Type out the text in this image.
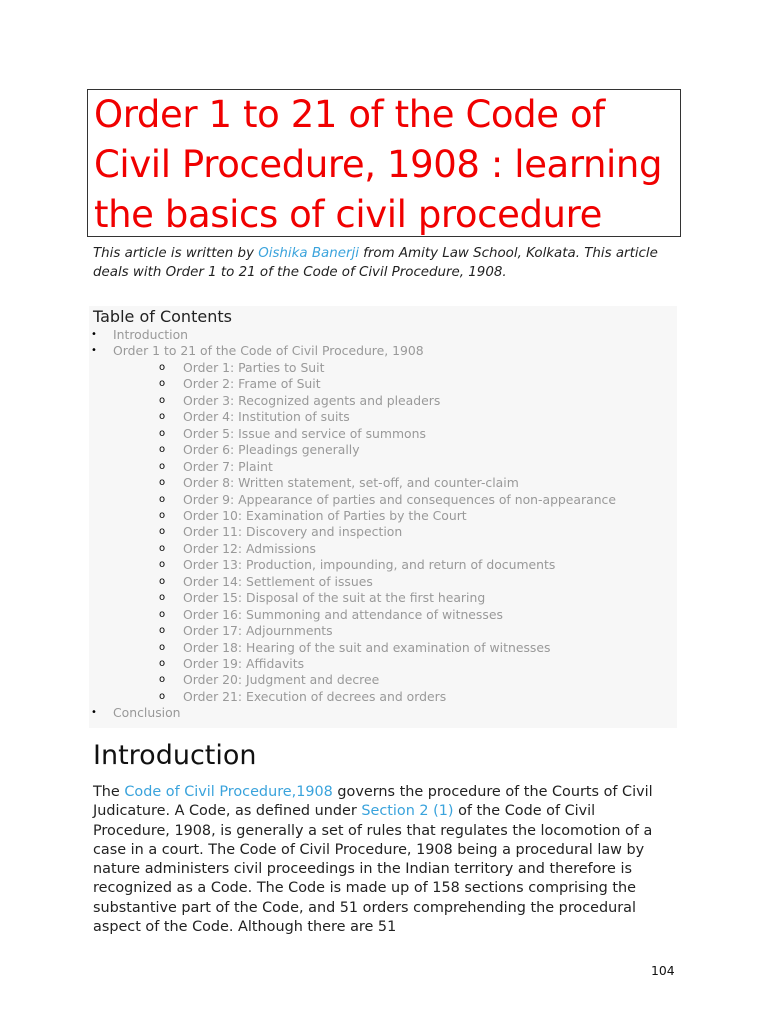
Order 1 to 21 of the Code of Civil Procedure, 1908 : learning the basics of civil procedure
This article is written by Oishika Banerji from Amity Law School, Kolkata. This article deals with Order 1 to 21 of the Code of Civil Procedure, 1908.
Table of Contents
• Introduction
• Order 1 to 21 of the Code of Civil Procedure, 1908
o Order 1: Parties to Suit
o Order 2: Frame of Suit
o Order 3: Recognized agents and pleaders
o Order 4: Institution of suits
o Order 5: Issue and service of summons
o Order 6: Pleadings generally
o Order 7: Plaint
o Order 8: Written statement, set-off, and counter-claim
o Order 9: Appearance of parties and consequences of non-appearance
o Order 10: Examination of Parties by the Court
o Order 11: Discovery and inspection
o Order 12: Admissions
o Order 13: Production, impounding, and return of documents
o Order 14: Settlement of issues
o Order 15: Disposal of the suit at the first hearing
o Order 16: Summoning and attendance of witnesses
o Order 17: Adjournments
o Order 18: Hearing of the suit and examination of witnesses
o Order 19: Affidavits
o Order 20: Judgment and decree
o Order 21: Execution of decrees and orders
• Conclusion
Introduction
The Code of Civil Procedure,1908 governs the procedure of the Courts of Civil Judicature. A Code, as defined under Section 2 (1) of the Code of Civil Procedure, 1908, is generally a set of rules that regulates the locomotion of a case in a court. The Code of Civil Procedure, 1908 being a procedural law by nature administers civil proceedings in the Indian territory and therefore is recognized as a Code. The Code is made up of 158 sections comprising the substantive part of the Code, and 51 orders comprehending the procedural aspect of the Code. Although there are 51
104
